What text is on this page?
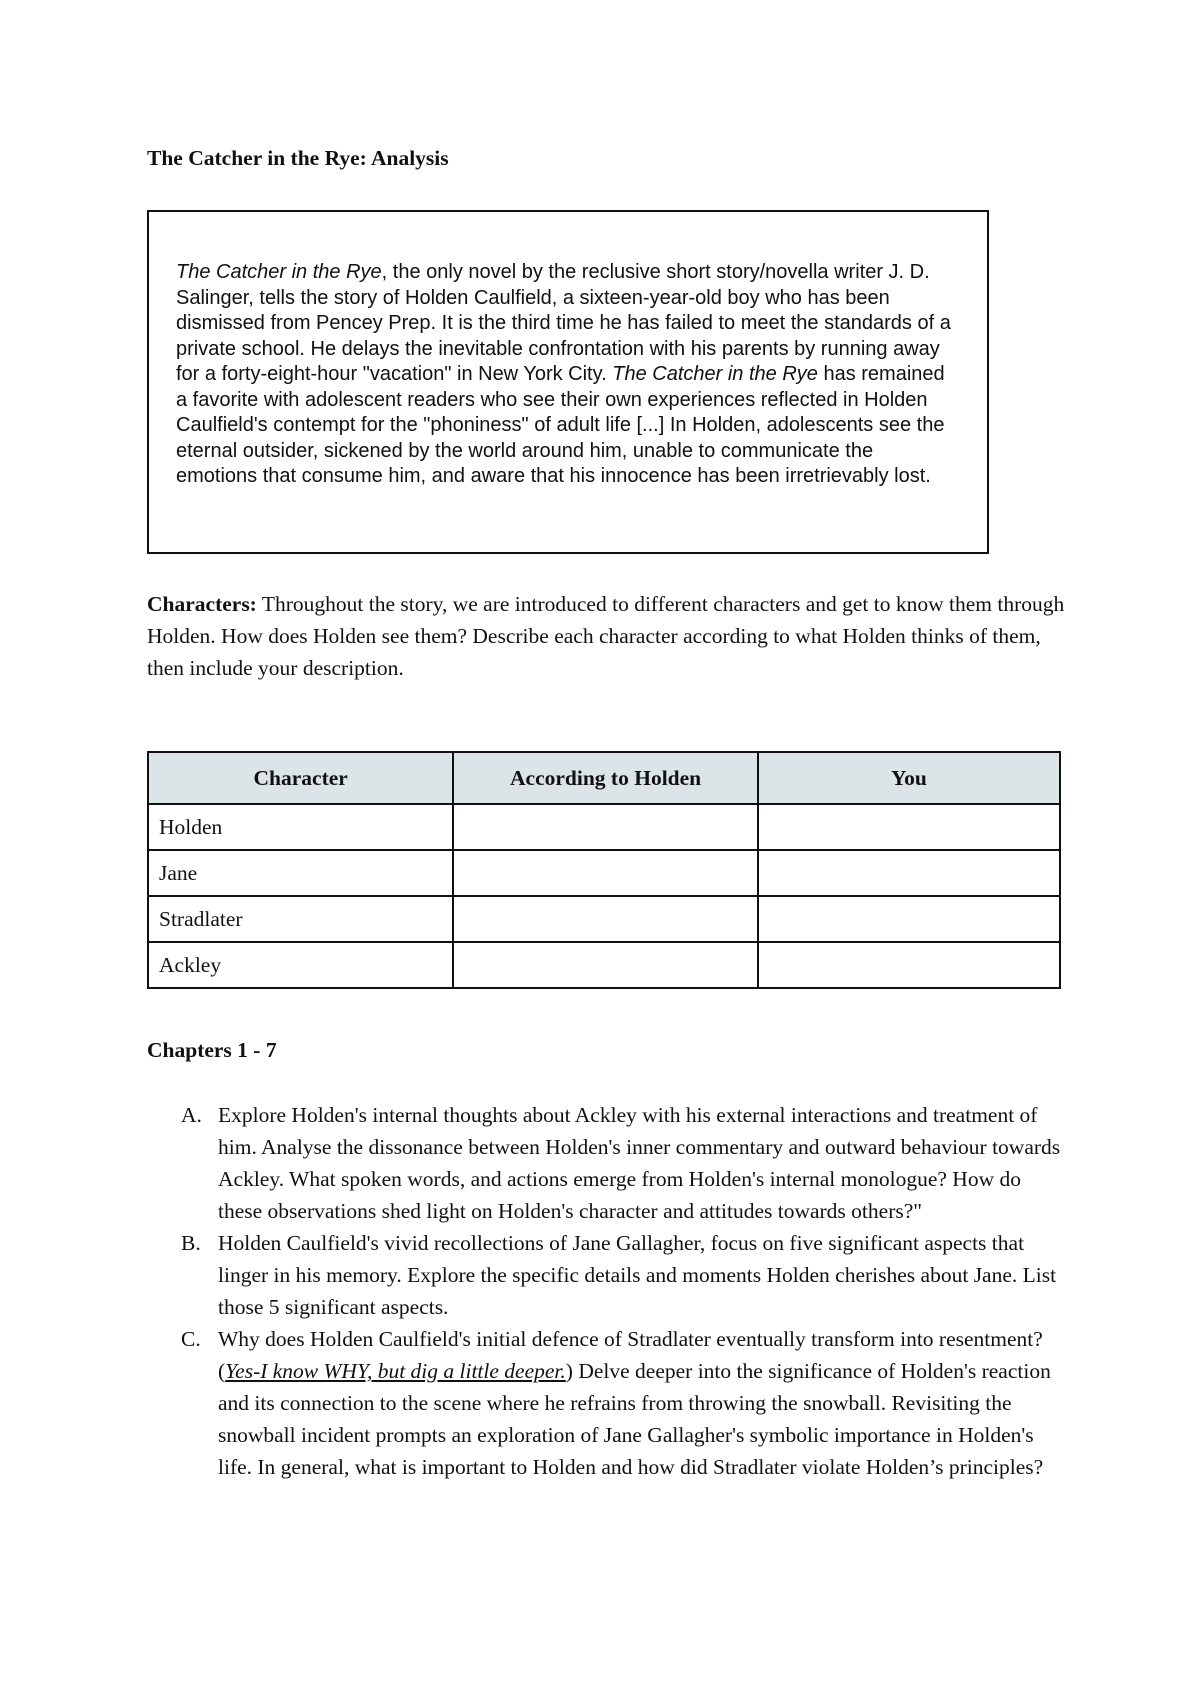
The Catcher in the Rye: Analysis

The Catcher in the Rye, the only novel by the reclusive short story/novella writer J. D. Salinger, tells the story of Holden Caulfield, a sixteen-year-old boy who has been dismissed from Pencey Prep. It is the third time he has failed to meet the standards of a private school. He delays the inevitable confrontation with his parents by running away for a forty-eight-hour "vacation" in New York City. The Catcher in the Rye has remained a favorite with adolescent readers who see their own experiences reflected in Holden Caulfield's contempt for the "phoniness" of adult life [...] In Holden, adolescents see the eternal outsider, sickened by the world around him, unable to communicate the emotions that consume him, and aware that his innocence has been irretrievably lost.

Characters: Throughout the story, we are introduced to different characters and get to know them through Holden. How does Holden see them? Describe each character according to what Holden thinks of them, then include your description.

Character	According to Holden	You
Holden		
Jane		
Stradlater		
Ackley		
Chapters 1 - 7
A. Explore Holden's internal thoughts about Ackley with his external interactions and treatment of him. Analyse the dissonance between Holden's inner commentary and outward behaviour towards Ackley. What spoken words, and actions emerge from Holden's internal monologue? How do these observations shed light on Holden's character and attitudes towards others?"
B. Holden Caulfield's vivid recollections of Jane Gallagher, focus on five significant aspects that linger in his memory. Explore the specific details and moments Holden cherishes about Jane. List those 5 significant aspects.
C. Why does Holden Caulfield's initial defence of Stradlater eventually transform into resentment? (Yes-I know WHY, but dig a little deeper.) Delve deeper into the significance of Holden's reaction and its connection to the scene where he refrains from throwing the snowball. Revisiting the snowball incident prompts an exploration of Jane Gallagher's symbolic importance in Holden's life. In general, what is important to Holden and how did Stradlater violate Holden’s principles?
